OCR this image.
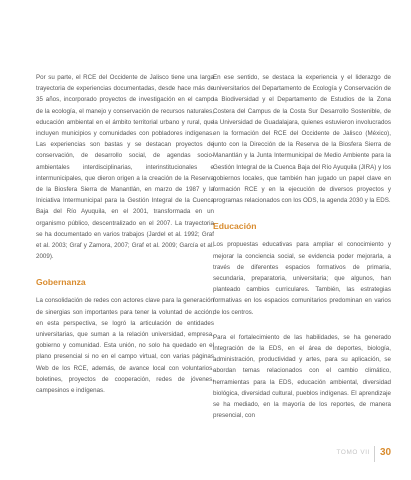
Por su parte, el RCE del Occidente de Jalisco tiene una larga trayectoria de experiencias documentadas, desde hace más de 35 años, incorporado proyectos de investigación en el campo de la ecología, el manejo y conservación de recursos naturales, educación ambiental en el ámbito territorial urbano y rural, que incluyen municipios y comunidades con pobladores indígenas. Las experiencias son bastas y se destacan proyectos de conservación, de desarrollo social, de agendas socio-ambientales interdisciplinarias, interinstitucionales e intermunicipales, que dieron origen a la creación de la Reserva de la Biosfera Sierra de Manantlán, en marzo de 1987 y la Iniciativa Intermunicipal para la Gestión Integral de la Cuenca Baja del Río Ayuquila, en el 2001, transformada en un organismo público, descentralizado en el 2007. La trayectoria se ha documentado en varios trabajos (Jardel et al. 1992; Graf et al. 2003; Graf y Zamora, 2007; Graf et al. 2009; García et al. 2009).

Gobernanza

La consolidación de redes con actores clave para la generación de sinergias son importantes para tener la voluntad de acción; en esta perspectiva, se logró la articulación de entidades universitarias, que suman a la relación universidad, empresa, gobierno y comunidad. Esta unión, no solo ha quedado en el plano presencial si no en el campo virtual, con varias páginas Web de los RCE, además, de avance local con voluntarios, boletines, proyectos de cooperación, redes de jóvenes, campesinos e indígenas.

En ese sentido, se destaca la experiencia y el liderazgo de universitarios del Departamento de Ecología y Conservación de la Biodiversidad y el Departamento de Estudios de la Zona Costera del Campus de la Costa Sur Desarrollo Sostenible, de la Universidad de Guadalajara, quienes estuvieron involucrados en la formación del RCE del Occidente de Jalisco (México), junto con la Dirección de la Reserva de la Biosfera Sierra de Manantlán y la Junta Intermunicipal de Medio Ambiente para la Gestión Integral de la Cuenca Baja del Río Ayuquila (JIRA) y los gobiernos locales, que también han jugado un papel clave en formación RCE y en la ejecución de diversos proyectos y programas relacionados con los ODS, la agenda 2030 y la EDS.

Educación

Los propuestas educativas para ampliar el conocimiento y mejorar la conciencia social, se evidencia poder mejorarla, a través de diferentes espacios formativos de primaria, secundaria, preparatoria, universitaria; que algunos, han planteado cambios curriculares. También, las estrategias formativas en los espacios comunitarios predominan en varios de los centros.

Para el fortalecimiento de las habilidades, se ha generado integración de la EDS, en el área de deportes, biología, administración, productividad y artes, para su aplicación, se abordan temas relacionados con el cambio climático, herramientas para la EDS, educación ambiental, diversidad biológica, diversidad cultural, pueblos indígenas. El aprendizaje se ha mediado, en la mayoría de los reportes, de manera presencial, con

TOMO VII 30
